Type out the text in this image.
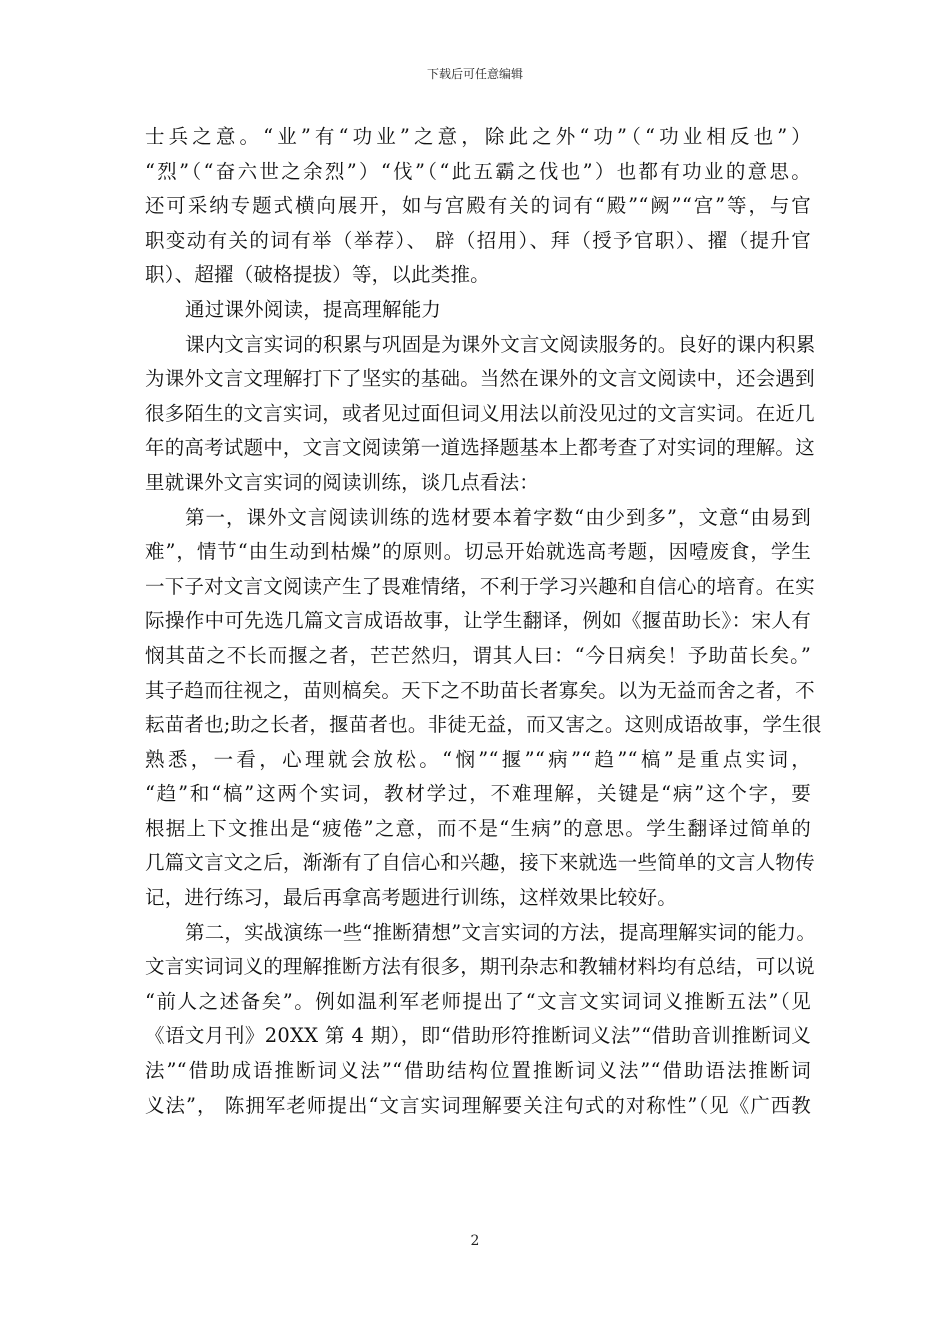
下载后可任意编辑
士兵之意。“业”有“功业”之意，除此之外“功”（“功业相反也”）
“烈”（“奋六世之余烈”）“伐”（“此五霸之伐也”）也都有功业的意思。
还可采纳专题式横向展开，如与宫殿有关的词有“殿”“阙”“宫”等，与官
职变动有关的词有举（举荐）、 辟（招用）、拜（授予官职）、擢（提升官
职）、超擢（破格提拔）等，以此类推。
通过课外阅读，提高理解能力
课内文言实词的积累与巩固是为课外文言文阅读服务的。良好的课内积累
为课外文言文理解打下了坚实的基础。当然在课外的文言文阅读中，还会遇到
很多陌生的文言实词，或者见过面但词义用法以前没见过的文言实词。在近几
年的高考试题中，文言文阅读第一道选择题基本上都考查了对实词的理解。这
里就课外文言实词的阅读训练，谈几点看法：
第一，课外文言阅读训练的选材要本着字数“由少到多”，文意“由易到
难”，情节“由生动到枯燥”的原则。切忌开始就选高考题，因噎废食，学生
一下子对文言文阅读产生了畏难情绪，不利于学习兴趣和自信心的培育。在实
际操作中可先选几篇文言成语故事，让学生翻译，例如《揠苗助长》：宋人有
悯其苗之不长而揠之者，芒芒然归，谓其人曰：“今日病矣！予助苗长矣。”
其子趋而往视之，苗则槁矣。天下之不助苗长者寡矣。以为无益而舍之者，不
耘苗者也;助之长者，揠苗者也。非徒无益，而又害之。这则成语故事，学生很
熟悉，一看，心理就会放松。“悯”“揠”“病”“趋”“槁”是重点实词，
“趋”和“槁”这两个实词，教材学过，不难理解，关键是“病”这个字，要
根据上下文推出是“疲倦”之意，而不是“生病”的意思。学生翻译过简单的
几篇文言文之后，渐渐有了自信心和兴趣，接下来就选一些简单的文言人物传
记，进行练习，最后再拿高考题进行训练，这样效果比较好。
第二，实战演练一些“推断猜想”文言实词的方法，提高理解实词的能力。
文言实词词义的理解推断方法有很多，期刊杂志和教辅材料均有总结，可以说
“前人之述备矣”。例如温利军老师提出了“文言文实词词义推断五法”（见
《语文月刊》20XX 第 4 期），即“借助形符推断词义法”“借助音训推断词义
法”“借助成语推断词义法”“借助结构位置推断词义法”“借助语法推断词
义法”， 陈拥军老师提出“文言实词理解要关注句式的对称性”（见《广西教
2
